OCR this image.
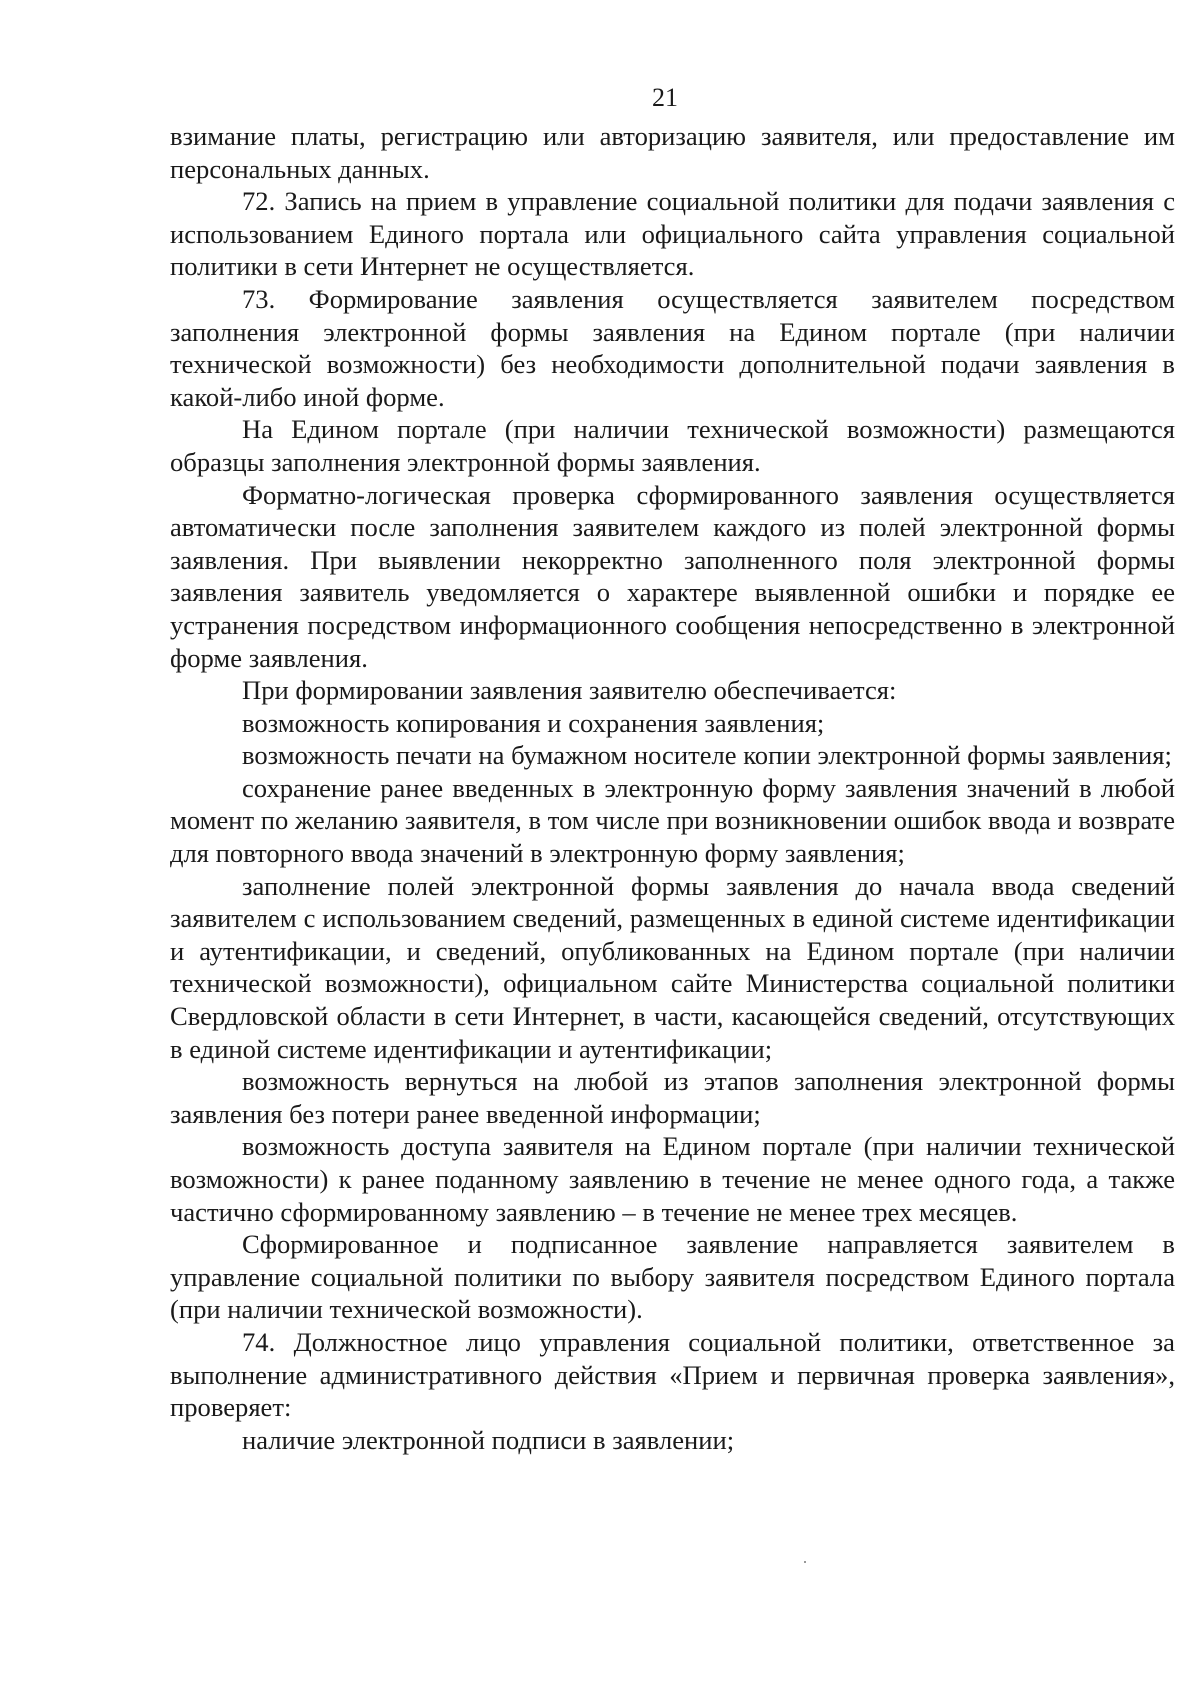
21

взимание платы, регистрацию или авторизацию заявителя, или предоставление им персональных данных.

72. Запись на прием в управление социальной политики для подачи заявления с использованием Единого портала или официального сайта управления социальной политики в сети Интернет не осуществляется.

73. Формирование заявления осуществляется заявителем посредством заполнения электронной формы заявления на Едином портале (при наличии технической возможности) без необходимости дополнительной подачи заявления в какой-либо иной форме.

На Едином портале (при наличии технической возможности) размещаются образцы заполнения электронной формы заявления.

Форматно-логическая проверка сформированного заявления осуществляется автоматически после заполнения заявителем каждого из полей электронной формы заявления. При выявлении некорректно заполненного поля электронной формы заявления заявитель уведомляется о характере выявленной ошибки и порядке ее устранения посредством информационного сообщения непосредственно в электронной форме заявления.

При формировании заявления заявителю обеспечивается:

возможность копирования и сохранения заявления;

возможность печати на бумажном носителе копии электронной формы заявления;

сохранение ранее введенных в электронную форму заявления значений в любой момент по желанию заявителя, в том числе при возникновении ошибок ввода и возврате для повторного ввода значений в электронную форму заявления;

заполнение полей электронной формы заявления до начала ввода сведений заявителем с использованием сведений, размещенных в единой системе идентификации и аутентификации, и сведений, опубликованных на Едином портале (при наличии технической возможности), официальном сайте Министерства социальной политики Свердловской области в сети Интернет, в части, касающейся сведений, отсутствующих в единой системе идентификации и аутентификации;

возможность вернуться на любой из этапов заполнения электронной формы заявления без потери ранее введенной информации;

возможность доступа заявителя на Едином портале (при наличии технической возможности) к ранее поданному заявлению в течение не менее одного года, а также частично сформированному заявлению – в течение не менее трех месяцев.

Сформированное и подписанное заявление направляется заявителем в управление социальной политики по выбору заявителя посредством Единого портала (при наличии технической возможности).

74. Должностное лицо управления социальной политики, ответственное за выполнение административного действия «Прием и первичная проверка заявления», проверяет:

наличие электронной подписи в заявлении;
